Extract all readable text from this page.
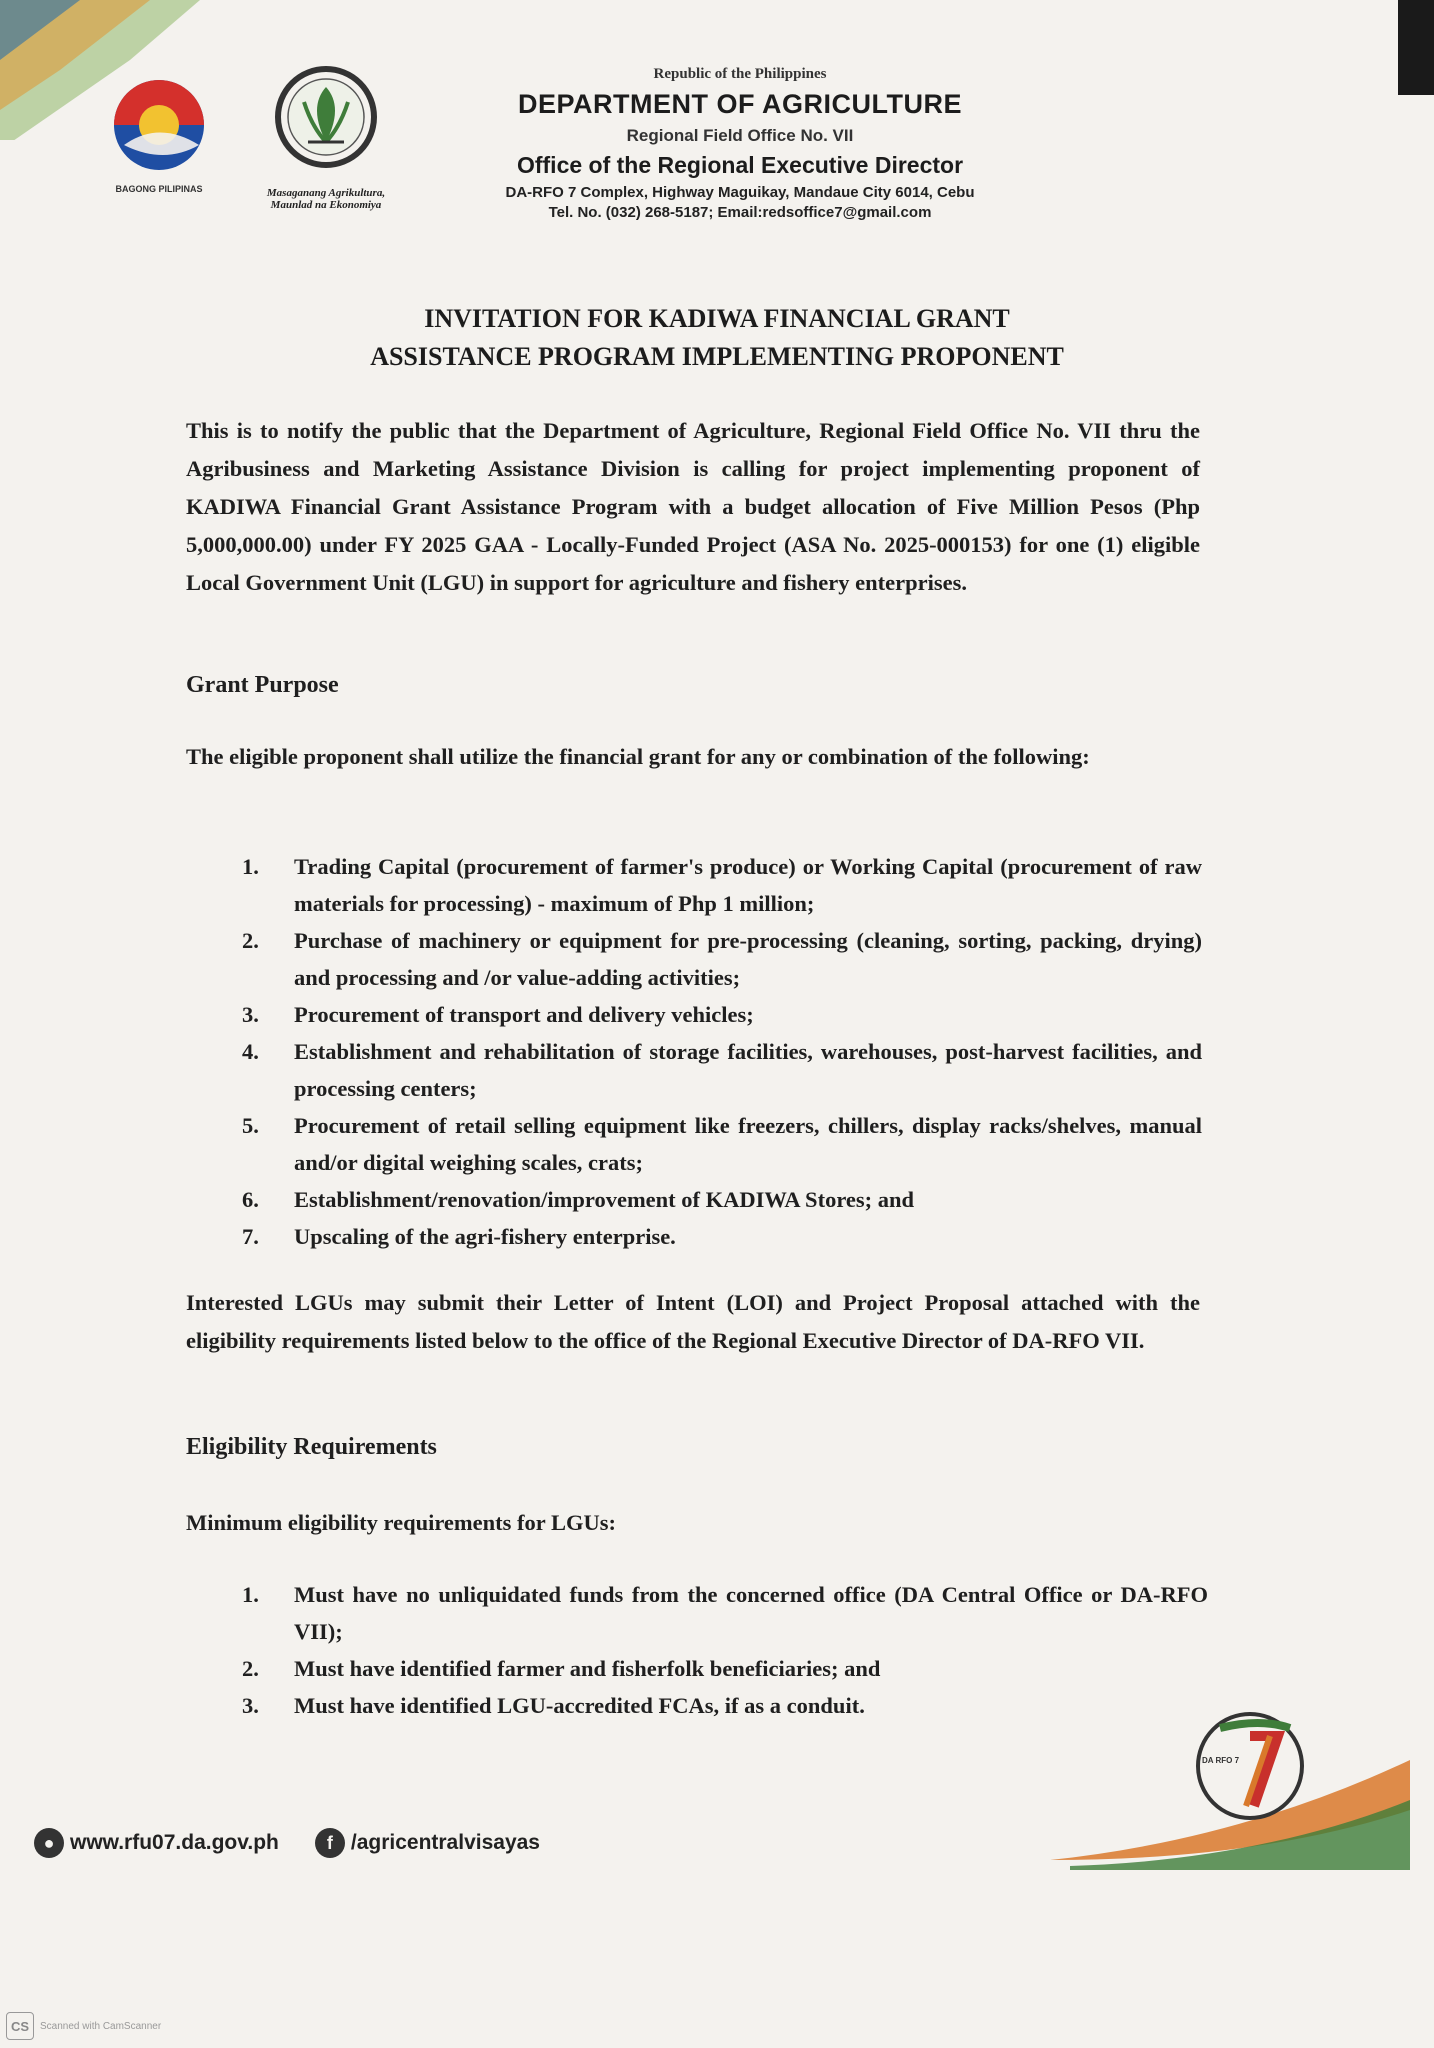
BAGONG PILIPINAS	Masaganang Agrikultura,
Maunlad na Ekonomiya
Republic of the Philippines
DEPARTMENT OF AGRICULTURE
Regional Field Office No. VII
Office of the Regional Executive Director
DA-RFO 7 Complex, Highway Maguikay, Mandaue City 6014, Cebu
Tel. No. (032) 268-5187; Email:redsoffice7@gmail.com
INVITATION FOR KADIWA FINANCIAL GRANT
ASSISTANCE PROGRAM IMPLEMENTING PROPONENT
This is to notify the public that the Department of Agriculture, Regional Field Office No. VII thru the Agribusiness and Marketing Assistance Division is calling for project implementing proponent of KADIWA Financial Grant Assistance Program with a budget allocation of Five Million Pesos (Php 5,000,000.00) under FY 2025 GAA - Locally-Funded Project (ASA No. 2025-000153) for one (1) eligible Local Government Unit (LGU) in support for agriculture and fishery enterprises.
Grant Purpose
The eligible proponent shall utilize the financial grant for any or combination of the following:
1. Trading Capital (procurement of farmer's produce) or Working Capital (procurement of raw materials for processing) - maximum of Php 1 million;
2. Purchase of machinery or equipment for pre-processing (cleaning, sorting, packing, drying) and processing and /or value-adding activities;
3. Procurement of transport and delivery vehicles;
4. Establishment and rehabilitation of storage facilities, warehouses, post-harvest facilities, and processing centers;
5. Procurement of retail selling equipment like freezers, chillers, display racks/shelves, manual and/or digital weighing scales, crats;
6. Establishment/renovation/improvement of KADIWA Stores; and
7. Upscaling of the agri-fishery enterprise.
Interested LGUs may submit their Letter of Intent (LOI) and Project Proposal attached with the eligibility requirements listed below to the office of the Regional Executive Director of DA-RFO VII.
Eligibility Requirements
Minimum eligibility requirements for LGUs:
1. Must have no unliquidated funds from the concerned office (DA Central Office or DA-RFO VII);
2. Must have identified farmer and fisherfolk beneficiaries; and
3. Must have identified LGU-accredited FCAs, if as a conduit.
DA RFO 7
● www.rfu07.da.gov.ph	f /agricentralvisayas
CS	Scanned with CamScanner
